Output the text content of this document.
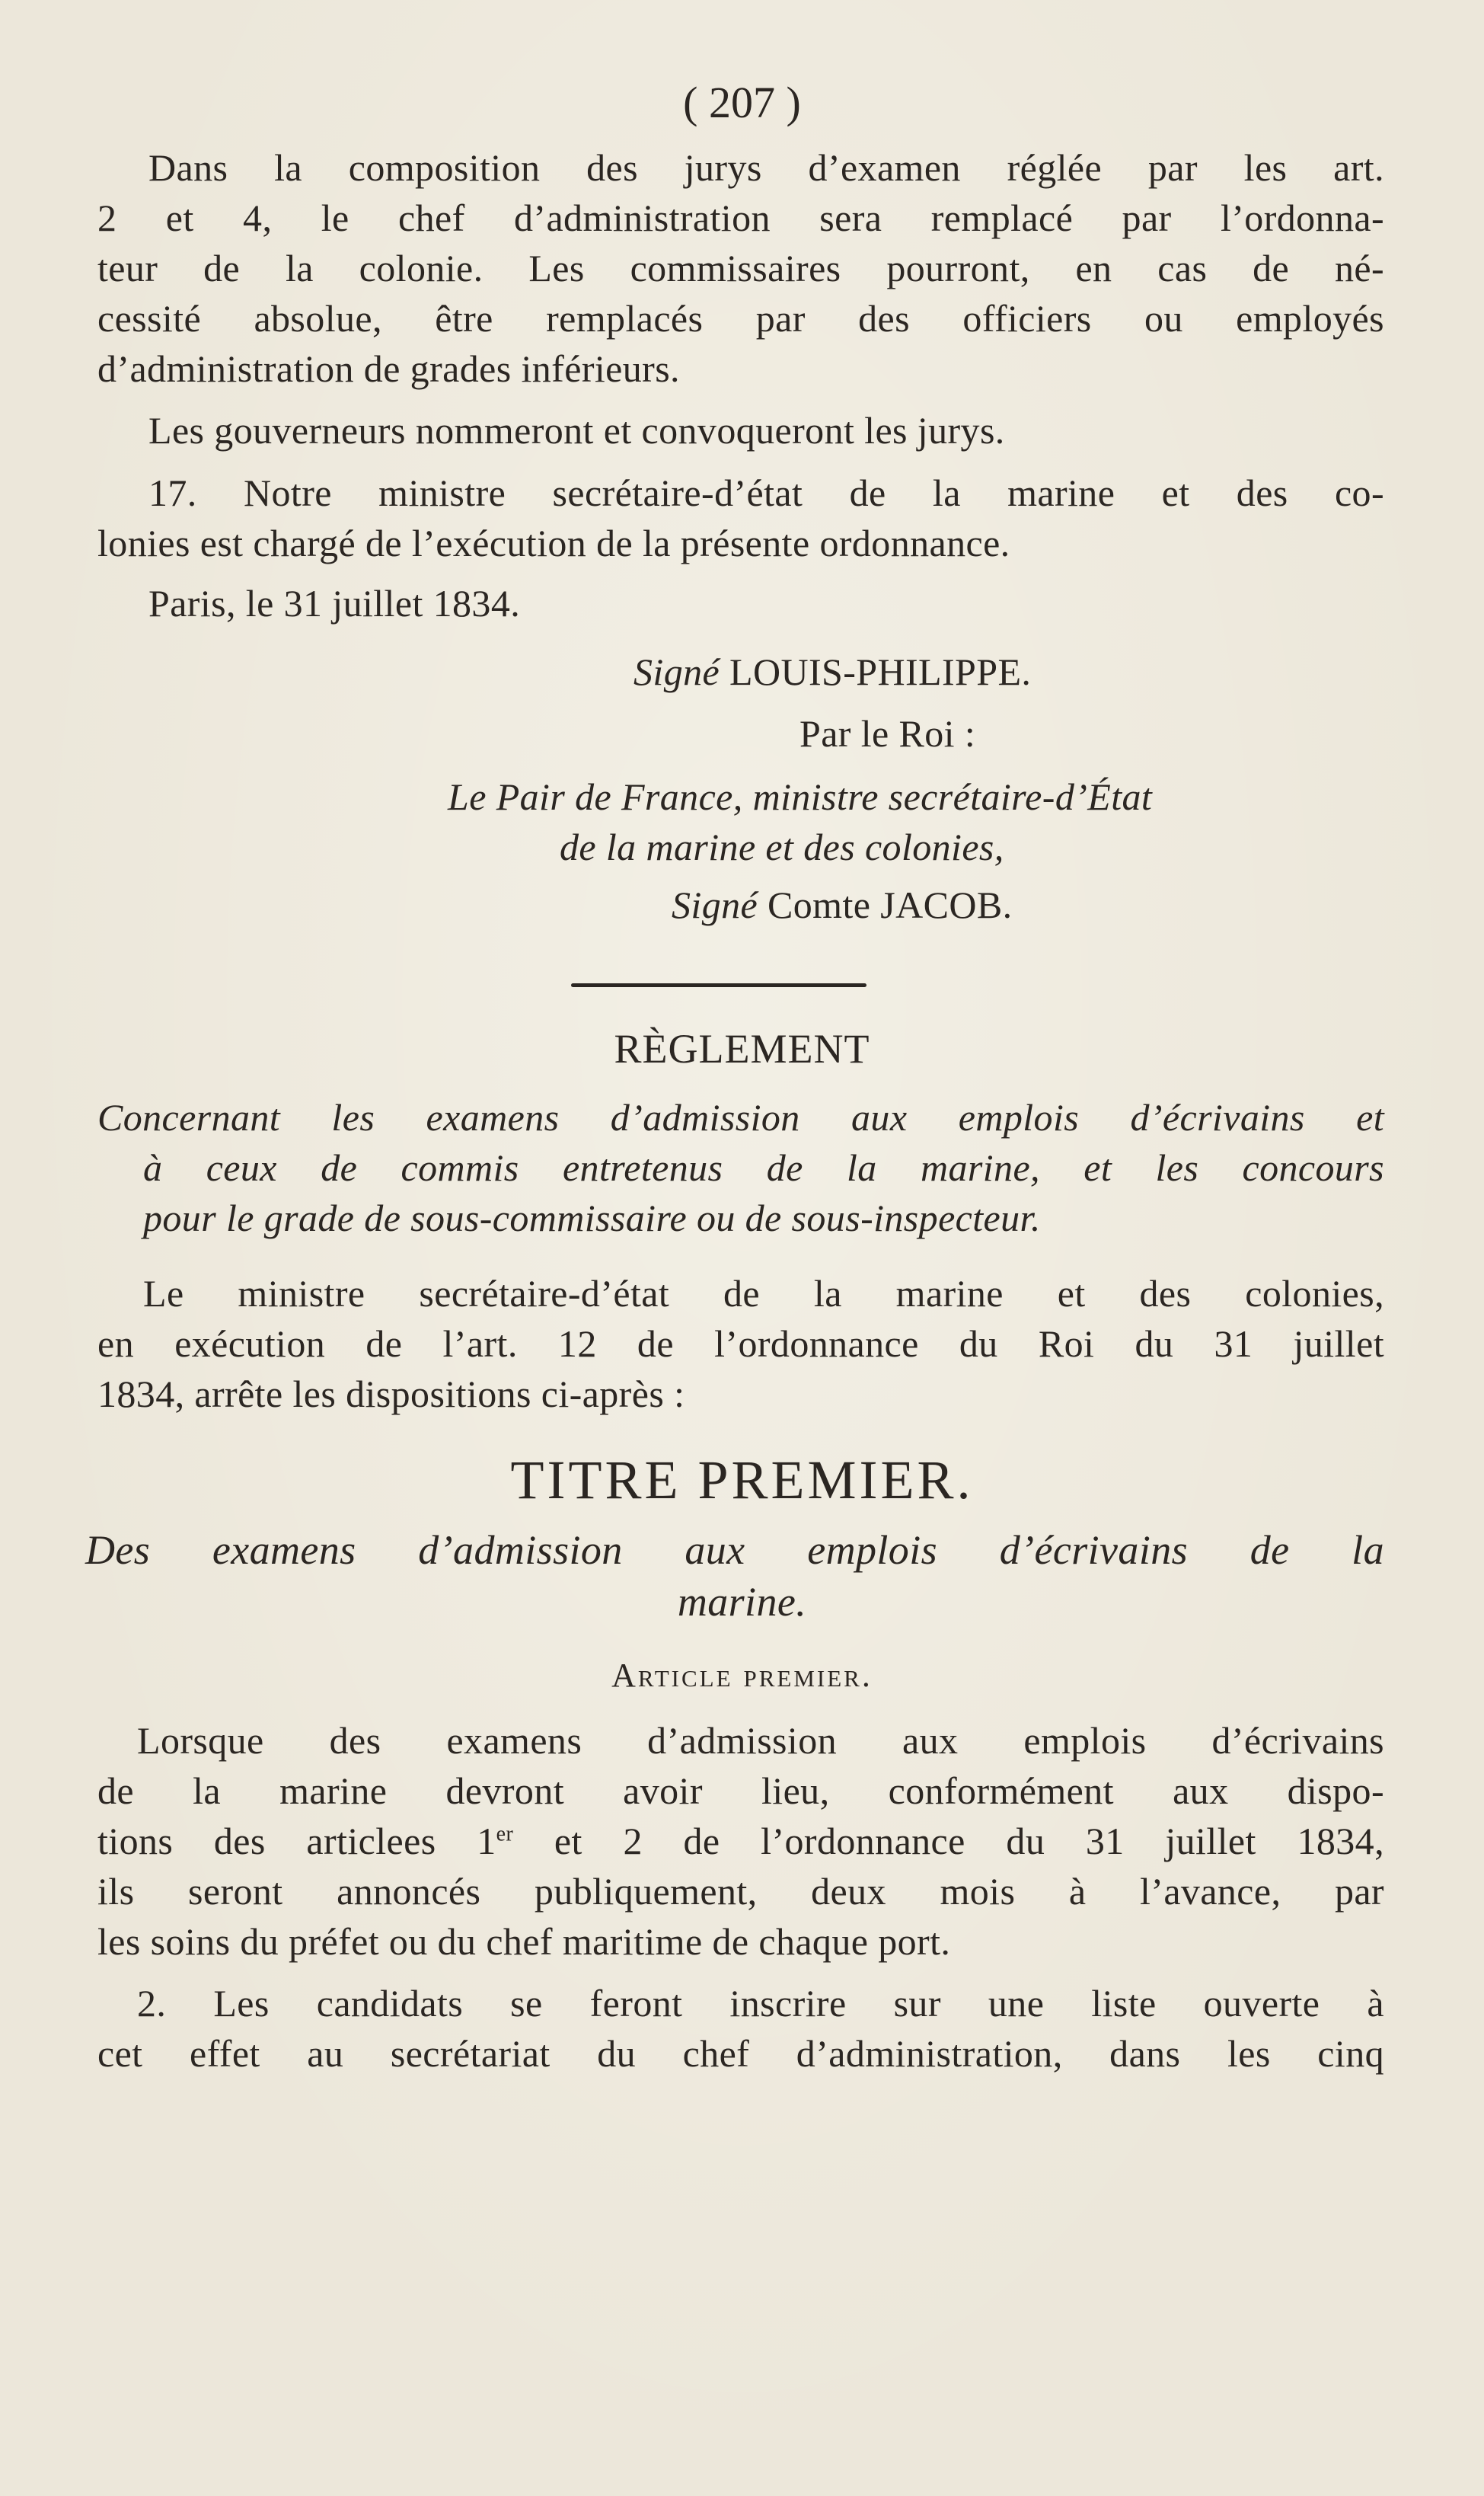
( 207 )
Dans la composition des jurys d’examen réglée par les art.
2 et 4, le chef d’administration sera remplacé par l’ordonna-
teur de la colonie. Les commissaires pourront, en cas de né-
cessité absolue, être remplacés par des officiers ou employés
d’administration de grades inférieurs.
Les gouverneurs nommeront et convoqueront les jurys.
17. Notre ministre secrétaire-d’état de la marine et des co-
lonies est chargé de l’exécution de la présente ordonnance.
Paris, le 31 juillet 1834.
Signé LOUIS-PHILIPPE.
Par le Roi :
Le Pair de France, ministre secrétaire-d’État
de la marine et des colonies,
Signé Comte JACOB.
RÈGLEMENT
Concernant les examens d’admission aux emplois d’écrivains et
à ceux de commis entretenus de la marine, et les concours
pour le grade de sous-commissaire ou de sous-inspecteur.
Le ministre secrétaire-d’état de la marine et des colonies,
en exécution de l’art. 12 de l’ordonnance du Roi du 31 juillet
1834, arrête les dispositions ci-après :
TITRE PREMIER.
Des examens d’admission aux emplois d’écrivains de la
marine.
Article premier.
Lorsque des examens d’admission aux emplois d’écrivains
de la marine devront avoir lieu, conformément aux dispo-
tions des articlees 1er et 2 de l’ordonnance du 31 juillet 1834,
ils seront annoncés publiquement, deux mois à l’avance, par
les soins du préfet ou du chef maritime de chaque port.
2. Les candidats se feront inscrire sur une liste ouverte à
cet effet au secrétariat du chef d’administration, dans les cinq
